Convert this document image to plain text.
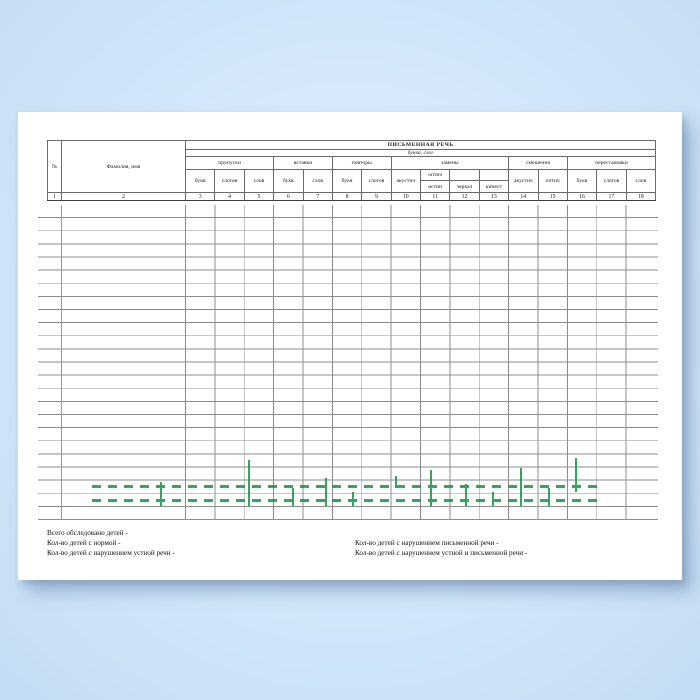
№	Фамилия, имя	ПИСЬМЕННАЯ РЕЧЬ															
		буква, слог															
		пропуски			вставки		повторы		замены				смешения		перестановки		
		букв	слогов	слов	букв	слов	букв	слогов	акустич	оптич			акустич	оптич	букв	слогов	слов
										истин	зеркал	кинест					
1	2	3	4	5	6	7	8	9	10	11	12	13	14	15	16	17	18
Всего обследовано детей -
Кол-во детей с нормой -
Кол-во детей с нарушением устной речи -
Кол-во детей с нарушением письменной речи -
Кол-во детей с нарушением устной и письменной речи -
